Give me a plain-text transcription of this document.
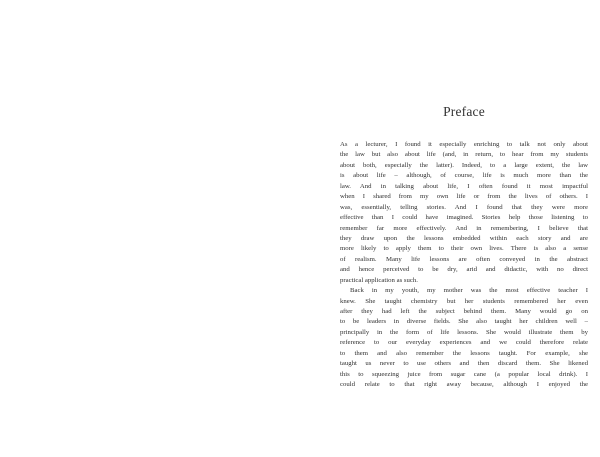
Preface

As a lecturer, I found it especially enriching to talk not only about
the law but also about life (and, in return, to hear from my students
about both, especially the latter). Indeed, to a large extent, the law
is about life – although, of course, life is much more than the
law. And in talking about life, I often found it most impactful
when I shared from my own life or from the lives of others. I
was, essentially, telling stories. And I found that they were more
effective than I could have imagined. Stories help those listening to
remember far more effectively. And in remembering, I believe that
they draw upon the lessons embedded within each story and are
more likely to apply them to their own lives. There is also a sense
of realism. Many life lessons are often conveyed in the abstract
and hence perceived to be dry, arid and didactic, with no direct
practical application as such.

Back in my youth, my mother was the most effective teacher I
knew. She taught chemistry but her students remembered her even
after they had left the subject behind them. Many would go on
to be leaders in diverse fields. She also taught her children well –
principally in the form of life lessons. She would illustrate them by
reference to our everyday experiences and we could therefore relate
to them and also remember the lessons taught. For example, she
taught us never to use others and then discard them. She likened
this to squeezing juice from sugar cane (a popular local drink). I
could relate to that right away because, although I enjoyed the
